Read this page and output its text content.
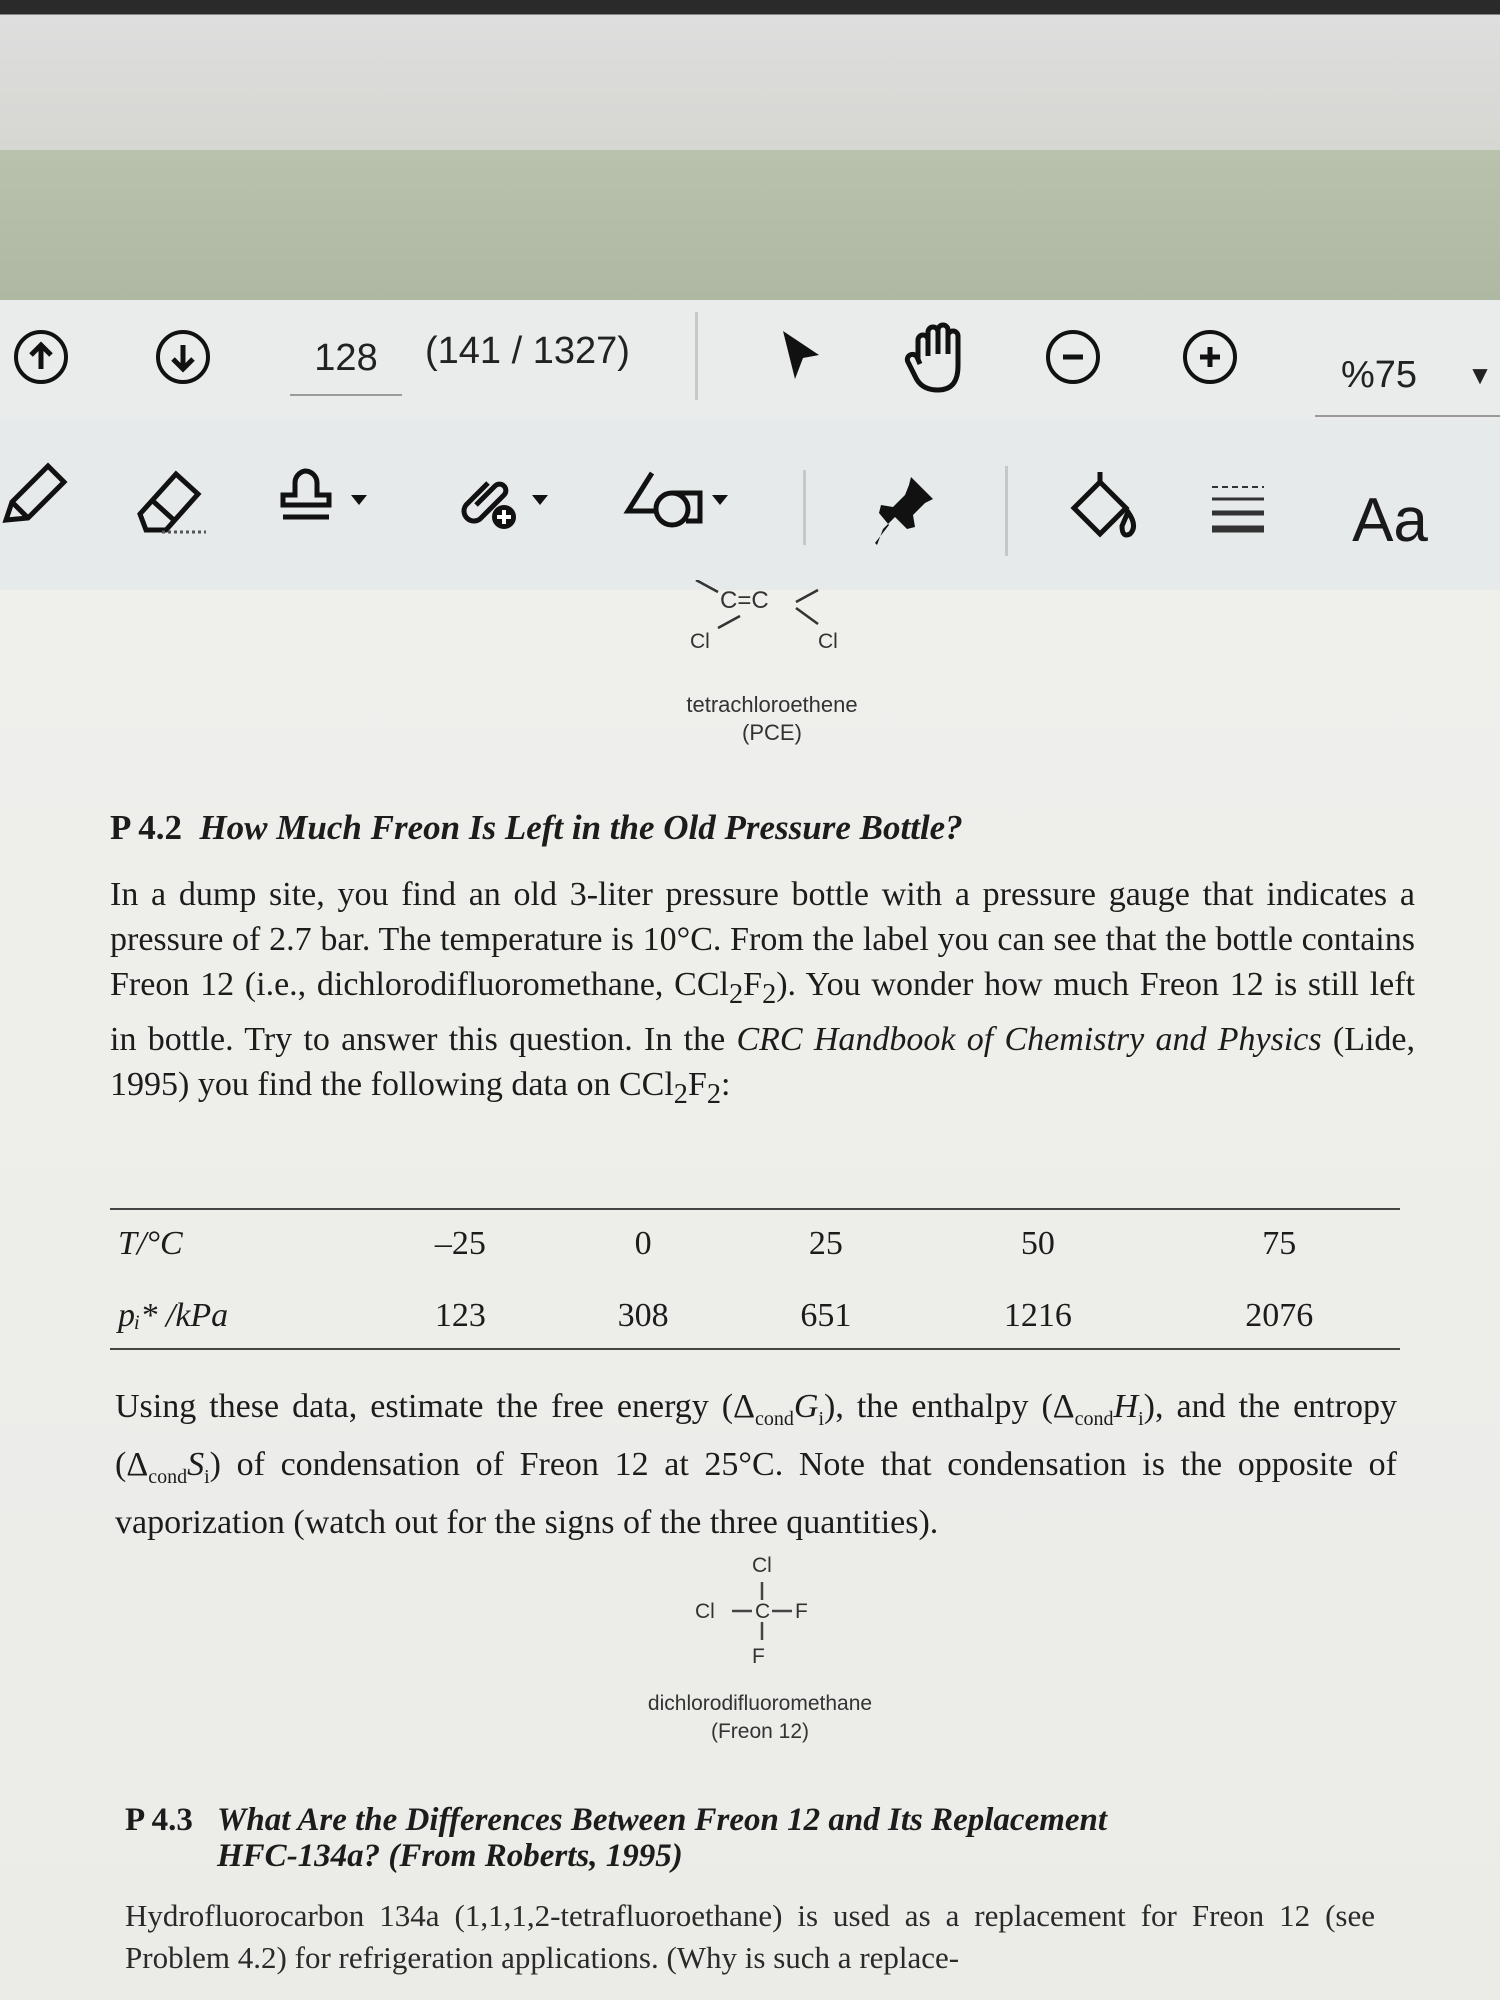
128 (141 / 1327)
%75 ▼
Aa
C=C
Cl	Cl
tetrachloroethene
(PCE)
P 4.2 How Much Freon Is Left in the Old Pressure Bottle?
In a dump site, you find an old 3-liter pressure bottle with a pressure gauge that indicates a pressure of 2.7 bar. The temperature is 10°C. From the label you can see that the bottle contains Freon 12 (i.e., dichlorodifluoromethane, $CCl_2F_2$). You wonder how much Freon 12 is still left in bottle. Try to answer this question. In the CRC Handbook of Chemistry and Physics (Lide, 1995) you find the following data on $CCl_2F_2$:
T/°C	–25	0	25	50	75
pᵢ* /kPa	123	308	651	1216	2076
Using these data, estimate the free energy $(\Delta_{cond}G_i)$, the enthalpy $(\Delta_{cond}H_i)$, and the entropy $(\Delta_{cond}S_i)$ of condensation of Freon 12 at 25°C. Note that condensation is the opposite of vaporization (watch out for the signs of the three quantities).
Cl
Cl C F
F
dichlorodifluoromethane
(Freon 12)
P 4.3 What Are the Differences Between Freon 12 and Its Replacement
HFC-134a? (From Roberts, 1995)
Hydrofluorocarbon 134a (1,1,1,2-tetrafluoroethane) is used as a replacement for Freon 12 (see Problem 4.2) for refrigeration applications. (Why is such a replace-
